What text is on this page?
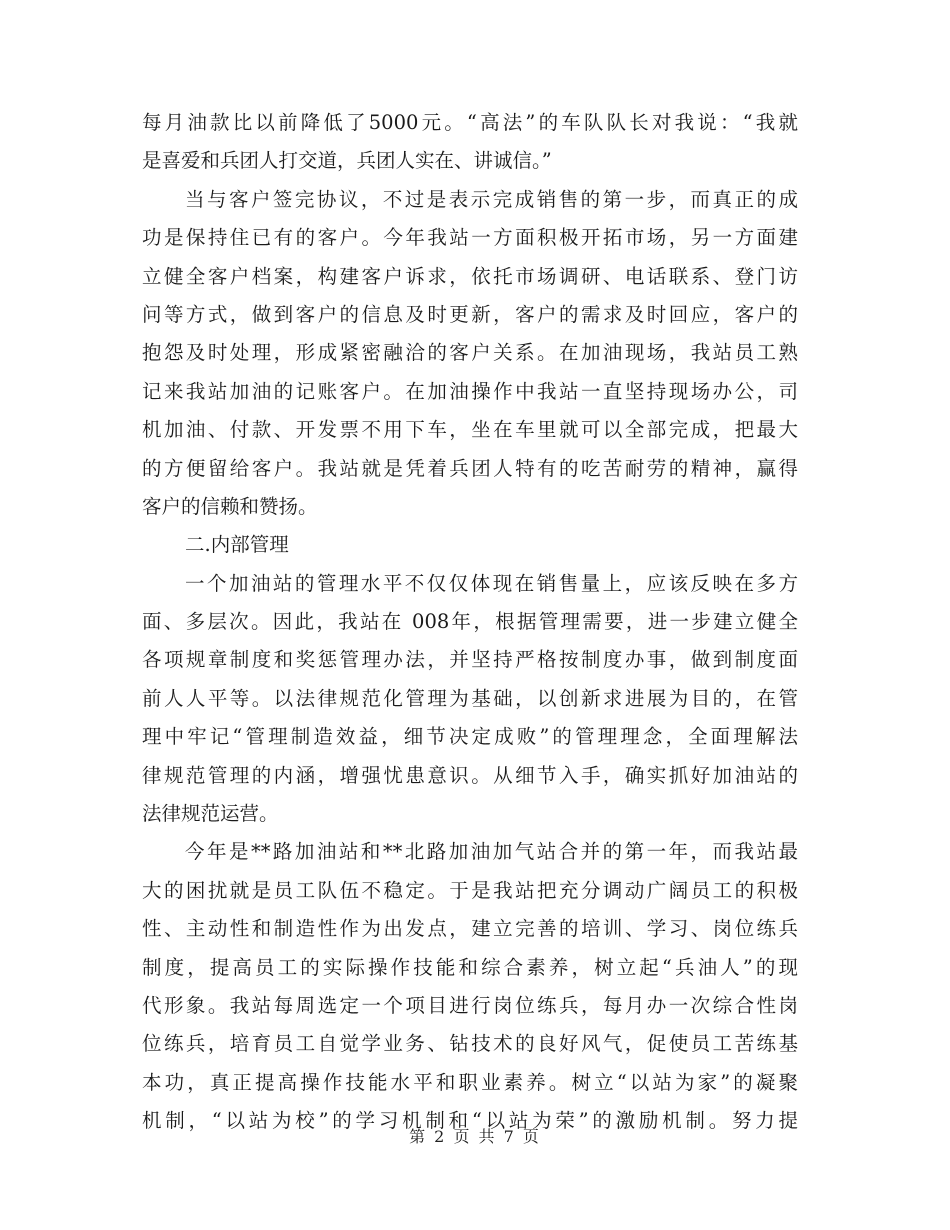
每月油款比以前降低了5000元。“高法”的车队队长对我说：“我就
是喜爱和兵团人打交道，兵团人实在、讲诚信。”
当与客户签完协议，不过是表示完成销售的第一步，而真正的成
功是保持住已有的客户。今年我站一方面积极开拓市场，另一方面建
立健全客户档案，构建客户诉求，依托市场调研、电话联系、登门访
问等方式，做到客户的信息及时更新，客户的需求及时回应，客户的
抱怨及时处理，形成紧密融洽的客户关系。在加油现场，我站员工熟
记来我站加油的记账客户。在加油操作中我站一直坚持现场办公，司
机加油、付款、开发票不用下车，坐在车里就可以全部完成，把最大
的方便留给客户。我站就是凭着兵团人特有的吃苦耐劳的精神，赢得
客户的信赖和赞扬。
二.内部管理
一个加油站的管理水平不仅仅体现在销售量上，应该反映在多方
面、多层次。因此，我站在 008年，根据管理需要，进一步建立健全
各项规章制度和奖惩管理办法，并坚持严格按制度办事，做到制度面
前人人平等。以法律规范化管理为基础，以创新求进展为目的，在管
理中牢记“管理制造效益，细节决定成败”的管理理念，全面理解法
律规范管理的内涵，增强忧患意识。从细节入手，确实抓好加油站的
法律规范运营。
今年是**路加油站和**北路加油加气站合并的第一年，而我站最
大的困扰就是员工队伍不稳定。于是我站把充分调动广阔员工的积极
性、主动性和制造性作为出发点，建立完善的培训、学习、岗位练兵
制度，提高员工的实际操作技能和综合素养，树立起“兵油人”的现
代形象。我站每周选定一个项目进行岗位练兵，每月办一次综合性岗
位练兵，培育员工自觉学业务、钻技术的良好风气，促使员工苦练基
本功，真正提高操作技能水平和职业素养。树立“以站为家”的凝聚
机制，“以站为校”的学习机制和“以站为荣”的激励机制。努力提
第 2 页 共 7 页
